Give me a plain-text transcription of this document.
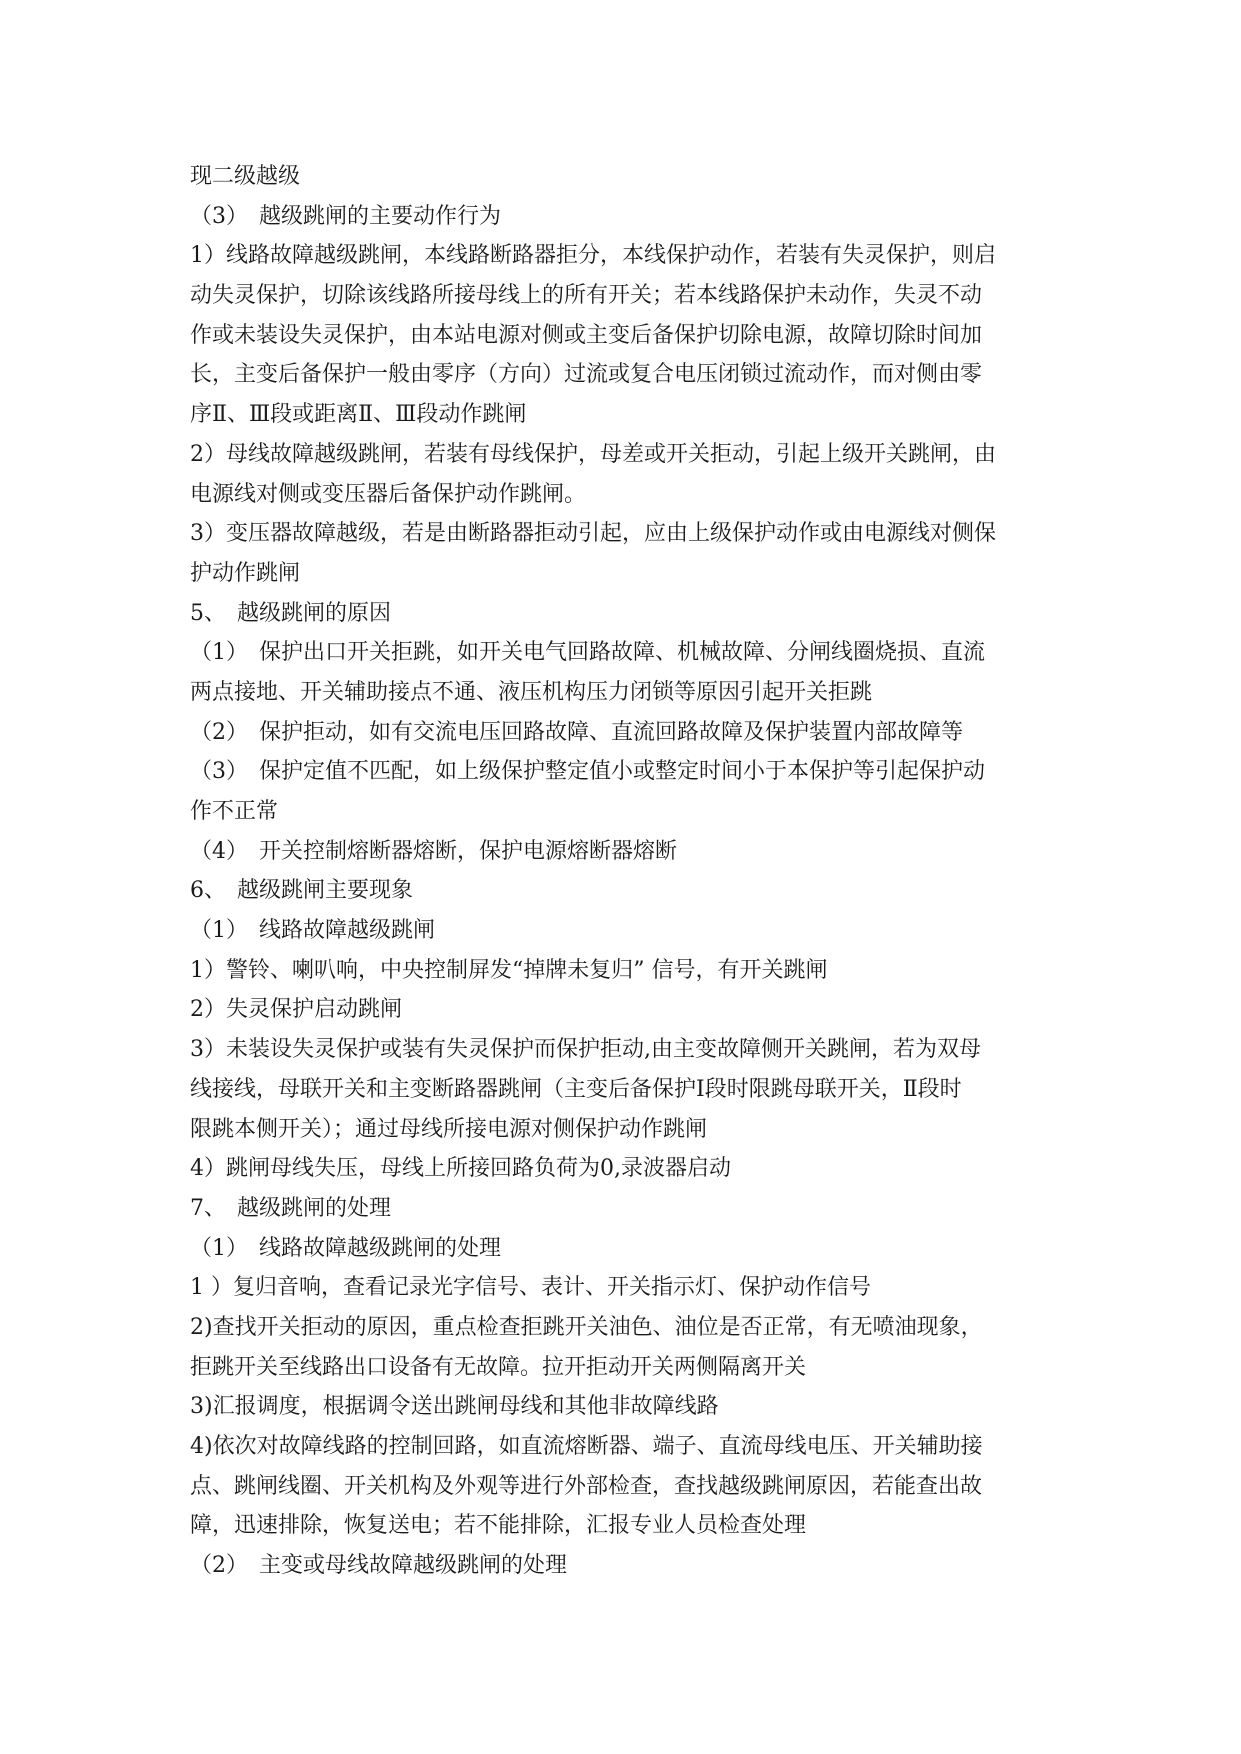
现二级越级
（3）　越级跳闸的主要动作行为
1）线路故障越级跳闸，本线路断路器拒分，本线保护动作，若装有失灵保护，则启
动失灵保护，切除该线路所接母线上的所有开关；若本线路保护未动作，失灵不动
作或未装设失灵保护，由本站电源对侧或主变后备保护切除电源，故障切除时间加
长，主变后备保护一般由零序（方向）过流或复合电压闭锁过流动作，而对侧由零
序Ⅱ、Ⅲ段或距离Ⅱ、Ⅲ段动作跳闸
2）母线故障越级跳闸，若装有母线保护，母差或开关拒动，引起上级开关跳闸，由
电源线对侧或变压器后备保护动作跳闸。
3）变压器故障越级，若是由断路器拒动引起，应由上级保护动作或由电源线对侧保
护动作跳闸
5、　越级跳闸的原因
（1）　保护出口开关拒跳，如开关电气回路故障、机械故障、分闸线圈烧损、直流
两点接地、开关辅助接点不通、液压机构压力闭锁等原因引起开关拒跳
（2）　保护拒动，如有交流电压回路故障、直流回路故障及保护装置内部故障等
（3）　保护定值不匹配，如上级保护整定值小或整定时间小于本保护等引起保护动
作不正常
（4）　开关控制熔断器熔断，保护电源熔断器熔断
6、　越级跳闸主要现象
（1）　线路故障越级跳闸
1）警铃、喇叭响，中央控制屏发“掉牌未复归” 信号，有开关跳闸
2）失灵保护启动跳闸
3）未装设失灵保护或装有失灵保护而保护拒动,由主变故障侧开关跳闸，若为双母
线接线，母联开关和主变断路器跳闸（主变后备保护Ⅰ段时限跳母联开关，Ⅱ段时
限跳本侧开关）；通过母线所接电源对侧保护动作跳闸
4）跳闸母线失压，母线上所接回路负荷为0,录波器启动
7、　越级跳闸的处理
（1）　线路故障越级跳闸的处理
1 ）复归音响，查看记录光字信号、表计、开关指示灯、保护动作信号
2)查找开关拒动的原因，重点检查拒跳开关油色、油位是否正常，有无喷油现象，
拒跳开关至线路出口设备有无故障。拉开拒动开关两侧隔离开关
3)汇报调度，根据调令送出跳闸母线和其他非故障线路
4)依次对故障线路的控制回路，如直流熔断器、端子、直流母线电压、开关辅助接
点、跳闸线圈、开关机构及外观等进行外部检查，查找越级跳闸原因，若能查出故
障，迅速排除，恢复送电；若不能排除，汇报专业人员检查处理
（2）　主变或母线故障越级跳闸的处理
